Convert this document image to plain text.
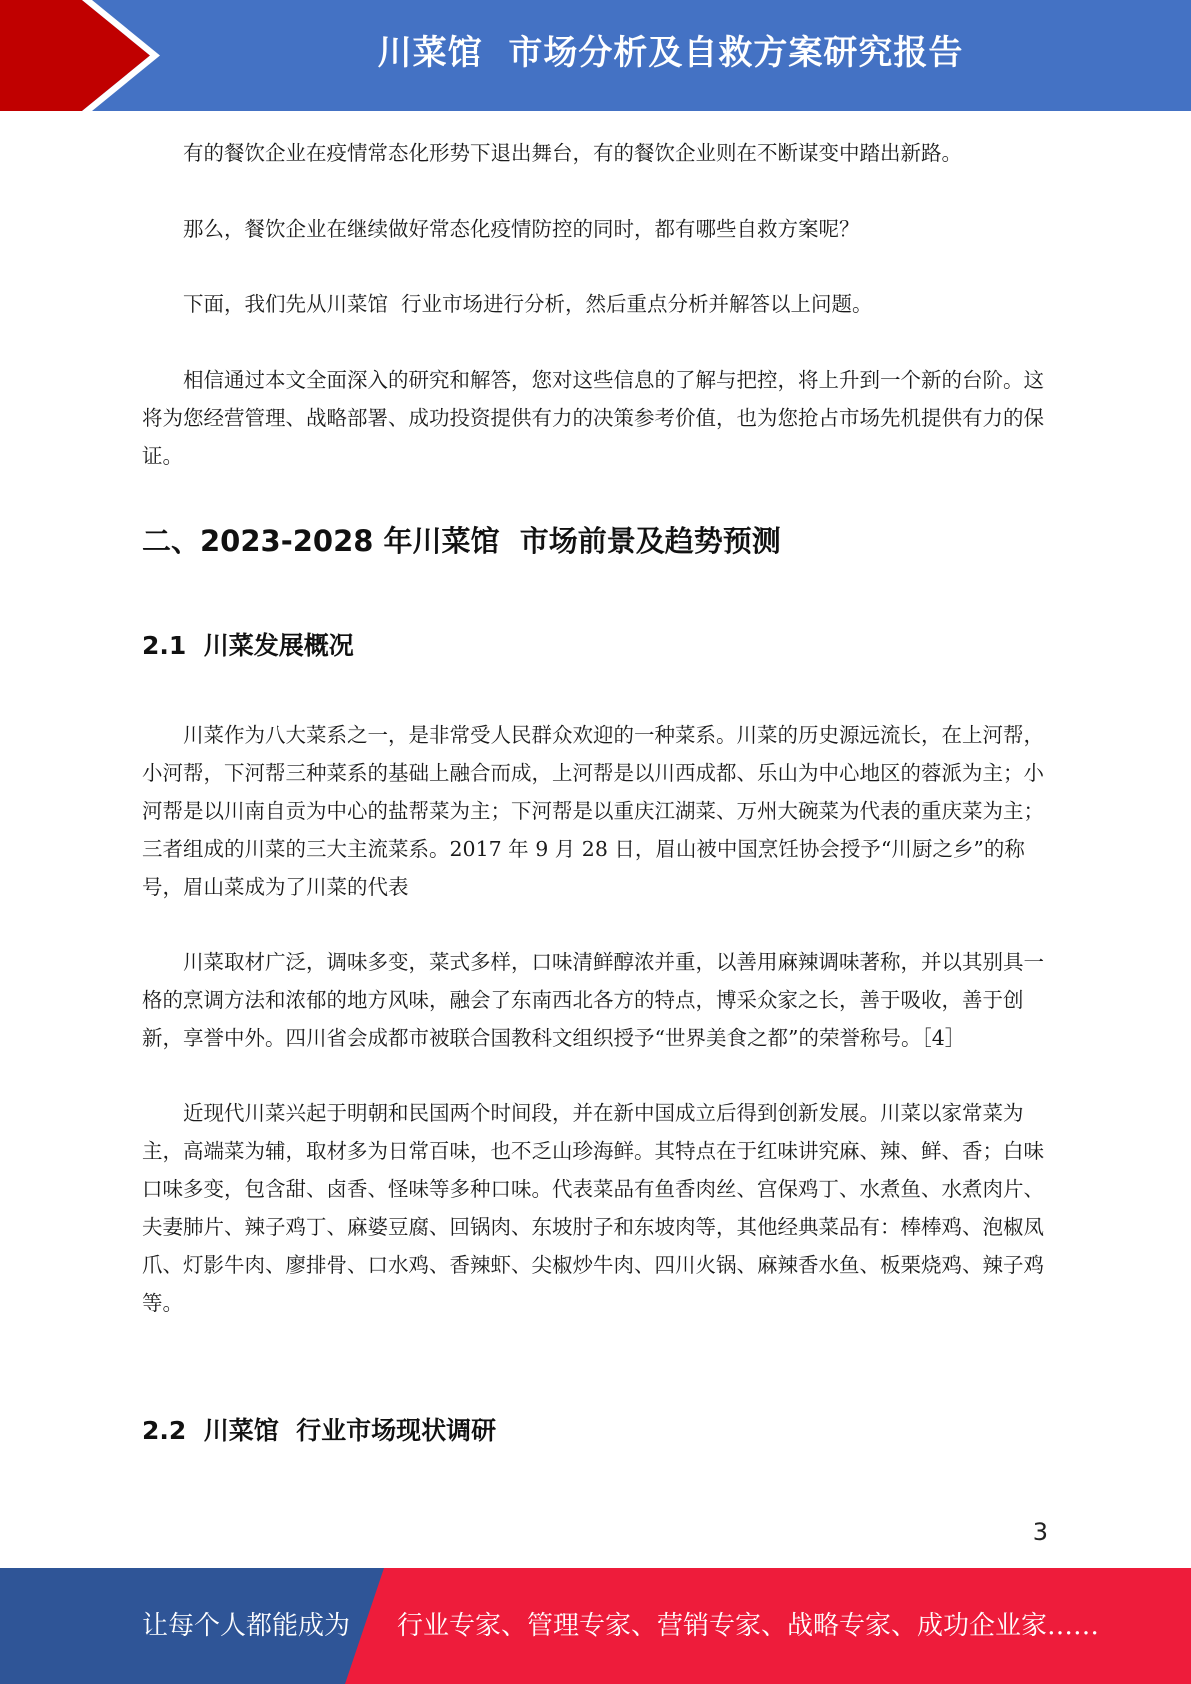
川菜馆  市场分析及自救方案研究报告

有的餐饮企业在疫情常态化形势下退出舞台，有的餐饮企业则在不断谋变中踏出新路。

那么，餐饮企业在继续做好常态化疫情防控的同时，都有哪些自救方案呢？

下面，我们先从川菜馆  行业市场进行分析，然后重点分析并解答以上问题。

相信通过本文全面深入的研究和解答，您对这些信息的了解与把控，将上升到一个新的台阶。这将为您经营管理、战略部署、成功投资提供有力的决策参考价值，也为您抢占市场先机提供有力的保证。

二、2023-2028 年川菜馆  市场前景及趋势预测
2.1  川菜发展概况

川菜作为八大菜系之一，是非常受人民群众欢迎的一种菜系。川菜的历史源远流长，在上河帮，小河帮，下河帮三种菜系的基础上融合而成，上河帮是以川西成都、乐山为中心地区的蓉派为主；小河帮是以川南自贡为中心的盐帮菜为主；下河帮是以重庆江湖菜、万州大碗菜为代表的重庆菜为主；三者组成的川菜的三大主流菜系。2017 年 9 月 28 日，眉山被中国烹饪协会授予“川厨之乡”的称号，眉山菜成为了川菜的代表

川菜取材广泛，调味多变，菜式多样，口味清鲜醇浓并重，以善用麻辣调味著称，并以其别具一格的烹调方法和浓郁的地方风味，融会了东南西北各方的特点，博采众家之长，善于吸收，善于创新，享誉中外。四川省会成都市被联合国教科文组织授予“世界美食之都”的荣誉称号。［4］

近现代川菜兴起于明朝和民国两个时间段，并在新中国成立后得到创新发展。川菜以家常菜为主，高端菜为辅，取材多为日常百味，也不乏山珍海鲜。其特点在于红味讲究麻、辣、鲜、香；白味口味多变，包含甜、卤香、怪味等多种口味。代表菜品有鱼香肉丝、宫保鸡丁、水煮鱼、水煮肉片、夫妻肺片、辣子鸡丁、麻婆豆腐、回锅肉、东坡肘子和东坡肉等，其他经典菜品有：棒棒鸡、泡椒凤爪、灯影牛肉、廖排骨、口水鸡、香辣虾、尖椒炒牛肉、四川火锅、麻辣香水鱼、板栗烧鸡、辣子鸡等。

2.2  川菜馆  行业市场现状调研
3
让每个人都能成为 行业专家、管理专家、营销专家、战略专家、成功企业家……
